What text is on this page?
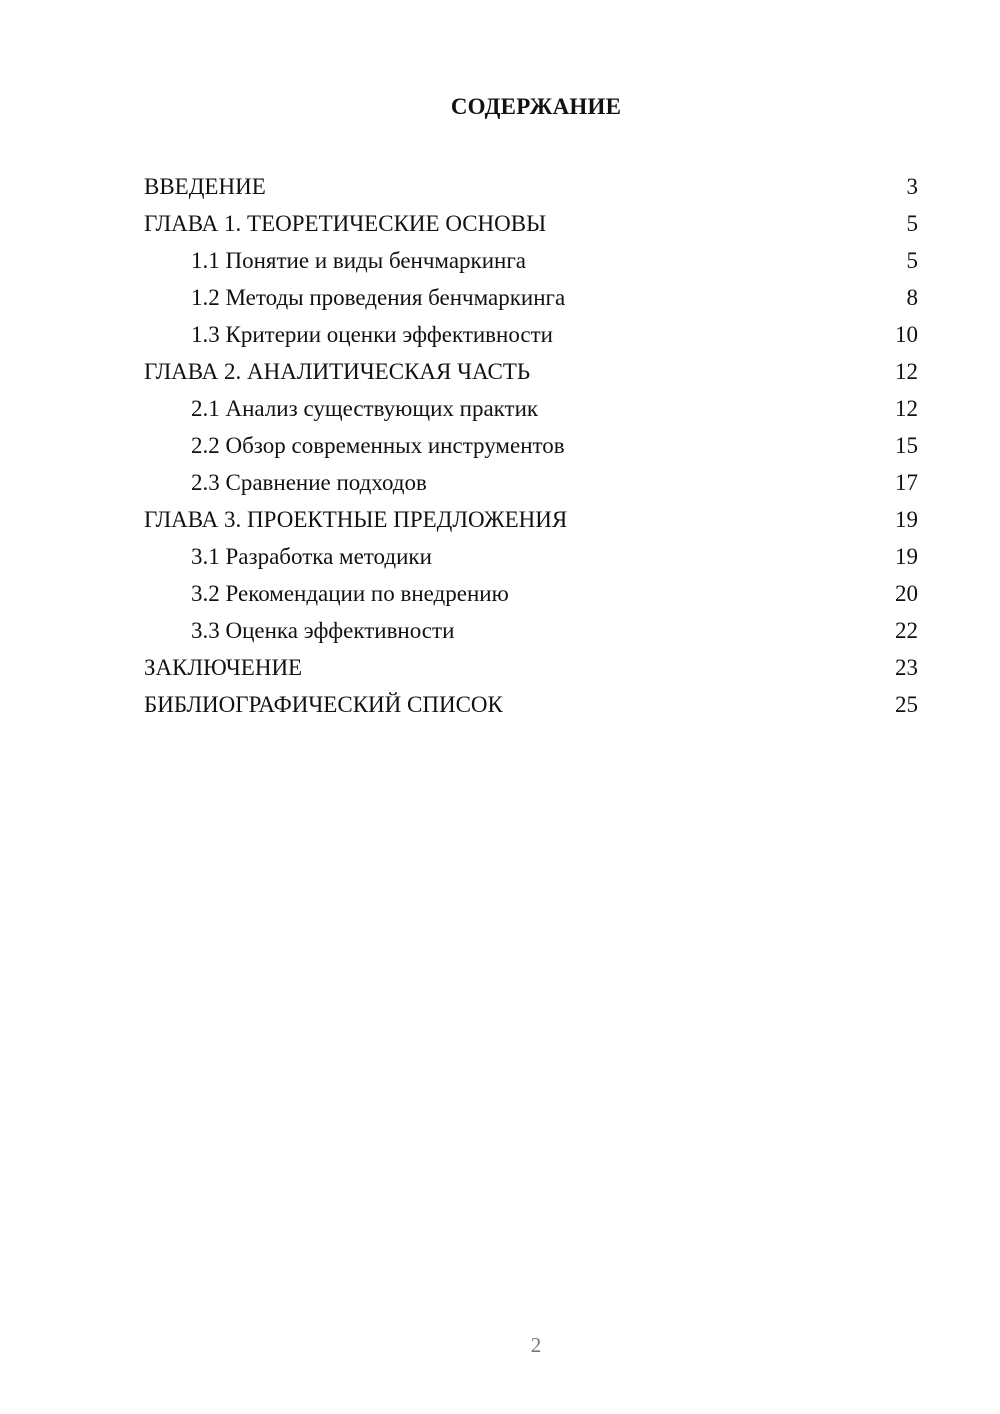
СОДЕРЖАНИЕ
ВВЕДЕНИЕ	3
ГЛАВА 1. ТЕОРЕТИЧЕСКИЕ ОСНОВЫ	5
1.1 Понятие и виды бенчмаркинга	5
1.2 Методы проведения бенчмаркинга	8
1.3 Критерии оценки эффективности	10
ГЛАВА 2. АНАЛИТИЧЕСКАЯ ЧАСТЬ	12
2.1 Анализ существующих практик	12
2.2 Обзор современных инструментов	15
2.3 Сравнение подходов	17
ГЛАВА 3. ПРОЕКТНЫЕ ПРЕДЛОЖЕНИЯ	19
3.1 Разработка методики	19
3.2 Рекомендации по внедрению	20
3.3 Оценка эффективности	22
ЗАКЛЮЧЕНИЕ	23
БИБЛИОГРАФИЧЕСКИЙ СПИСОК	25
2
